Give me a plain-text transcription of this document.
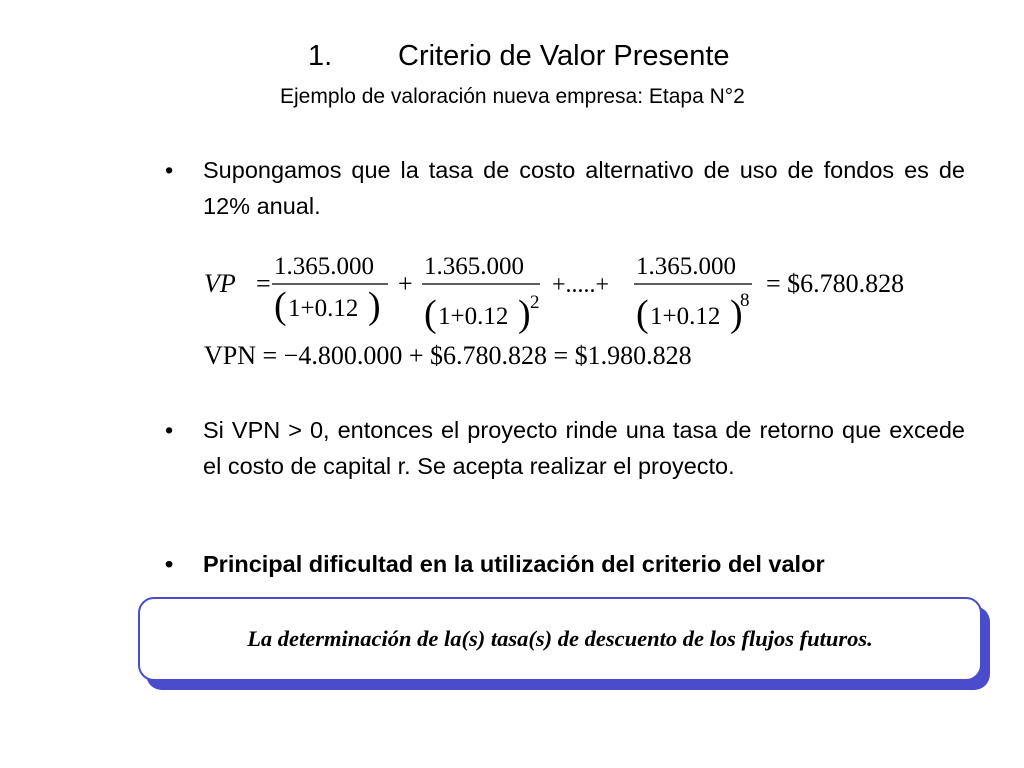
1. Criterio de Valor Presente
Ejemplo de valoración nueva empresa: Etapa N°2
• Supongamos que la tasa de costo alternativo de uso de fondos es de 12% anual.
VP =
1.365.000
( 1+0.12 )
+
1.365.000
( 1+0.12 ) 2
+.....+
1.365.000
( 1+0.12 )
8
= $6.780.828
VPN = −4.800.000 + $6.780.828 = $1.980.828
• Si VPN > 0, entonces el proyecto rinde una tasa de retorno que excede el costo de capital r. Se acepta realizar el proyecto.
• Principal dificultad en la utilización del criterio del valor
La determinación de la(s) tasa(s) de descuento de los flujos futuros.
